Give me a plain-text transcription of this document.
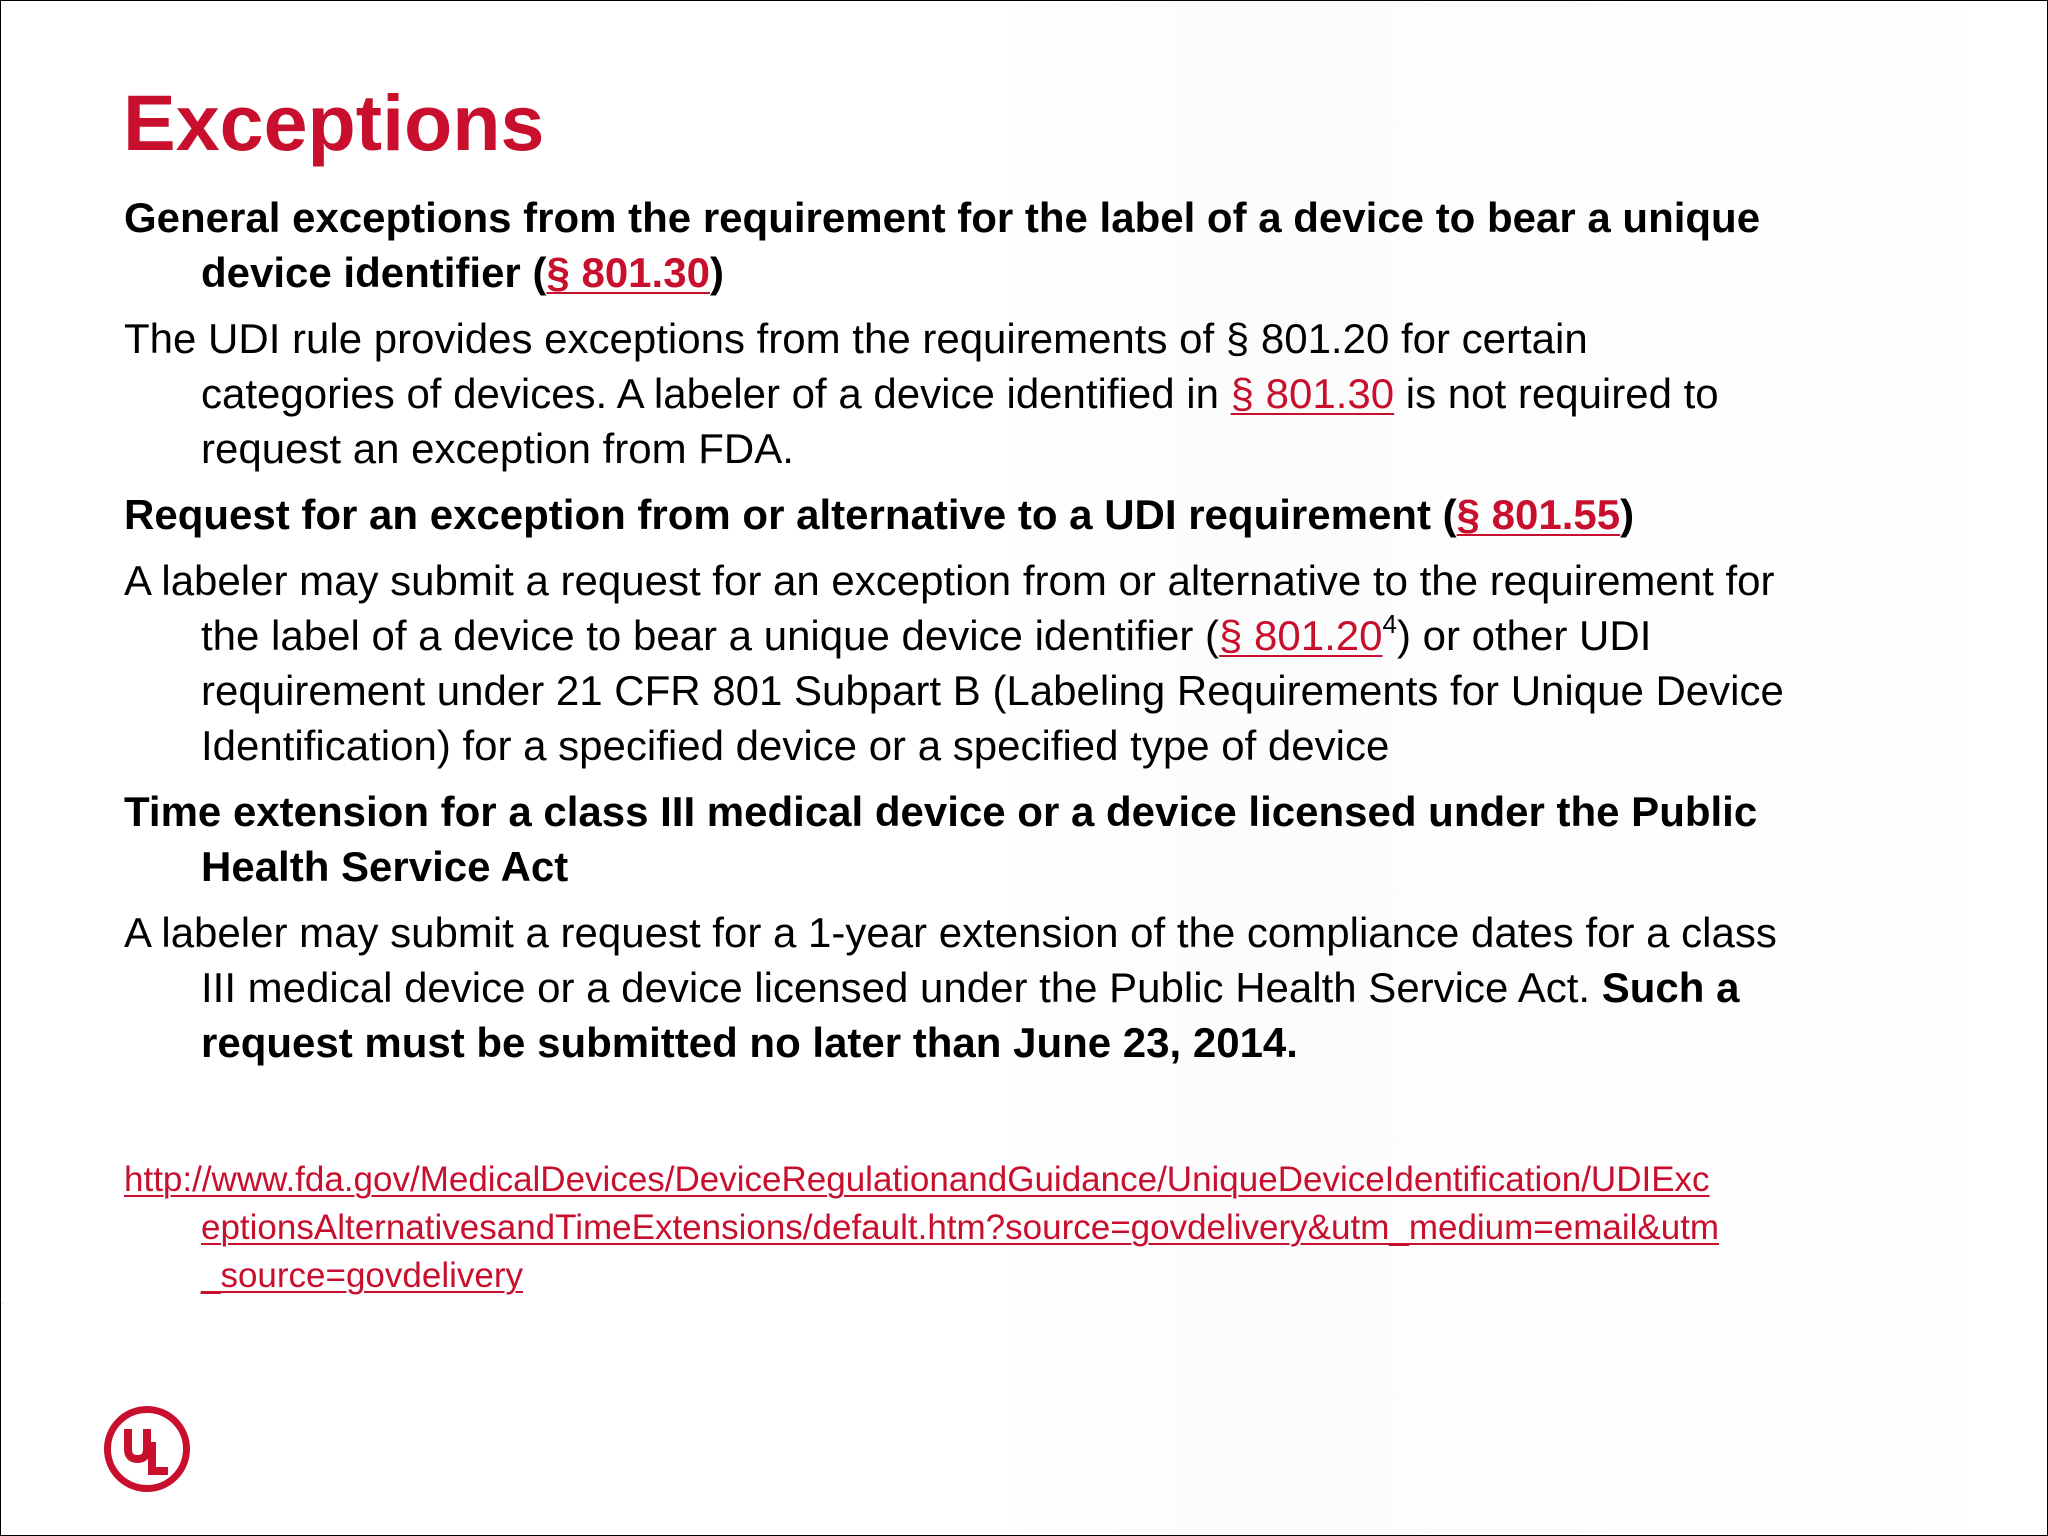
Exceptions

General exceptions from the requirement for the label of a device to bear a unique
device identifier (§ 801.30)

The UDI rule provides exceptions from the requirements of § 801.20 for certain
categories of devices. A labeler of a device identified in § 801.30 is not required to
request an exception from FDA.

Request for an exception from or alternative to a UDI requirement (§ 801.55)

A labeler may submit a request for an exception from or alternative to the requirement for
the label of a device to bear a unique device identifier (§ 801.20$^4$) or other UDI
requirement under 21 CFR 801 Subpart B (Labeling Requirements for Unique Device
Identification) for a specified device or a specified type of device

Time extension for a class III medical device or a device licensed under the Public
Health Service Act

A labeler may submit a request for a 1-year extension of the compliance dates for a class
III medical device or a device licensed under the Public Health Service Act. Such a
request must be submitted no later than June 23, 2014.

http://www.fda.gov/MedicalDevices/DeviceRegulationandGuidance/UniqueDeviceIdentification/UDIExc
eptionsAlternativesandTimeExtensions/default.htm?source=govdelivery&utm_medium=email&utm
_source=govdelivery

UL
